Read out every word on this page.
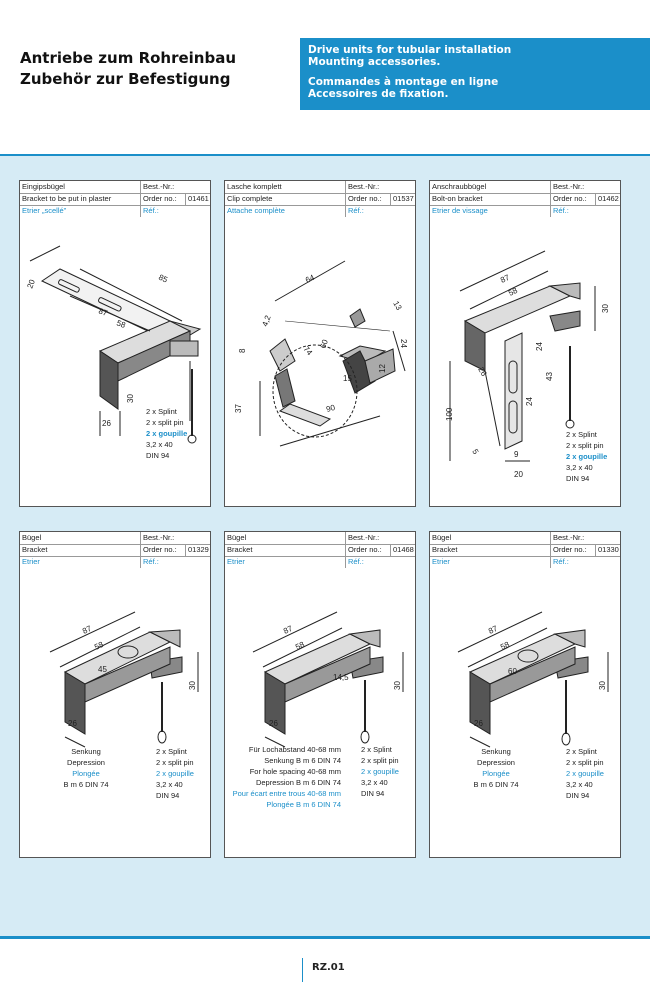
Antriebe zum Rohreinbau
Zubehör zur Befestigung
Drive units for tubular installation
Mounting accessories.
Commandes à montage en ligne
Accessoires de fixation.
Eingipsbügel	Best.-Nr.:
Bracket to be put in plaster	Order no.:	01461
Etrier „scellé”	Réf.:
20	85
87
58
30
26
2 x Splint
2 x split pin
2 x goupille
3,2 x 40
DIN 94
Lasche komplett	Best.-Nr.:
Clip complete	Order no.:	01537
Attache complète	Réf.:
64
13
24
4,2
8	74
60
12
15
37	90
Anschraubbügel	Best.-Nr.:
Bolt-on bracket	Order no.:	01462
Etrier de vissage	Réf.:
87
58
30
24
43
26
100
24
5	9
20
2 x Splint
2 x split pin
2 x goupille
3,2 x 40
DIN 94
Bügel	Best.-Nr.:
Bracket	Order no.:	01329
Etrier	Réf.:
87
58
30
45
26
Senkung
Depression
Plongée
B m 6 DIN 74
2 x Splint
2 x split pin
2 x goupille
3,2 x 40
DIN 94
Bügel	Best.-Nr.:
Bracket	Order no.:	01468
Etrier	Réf.:
87
58
30
14,5
26
Für Lochabstand 40-68 mm
Senkung B m 6 DIN 74
For hole spacing 40-68 mm
Depression B m 6 DIN 74
Pour écart entre trous 40-68 mm
Plongée B m 6 DIN 74
2 x Splint
2 x split pin
2 x goupille
3,2 x 40
DIN 94
Bügel	Best.-Nr.:
Bracket	Order no.:	01330
Etrier	Réf.:
87
58
30
60
26
Senkung
Depression
Plongée
B m 6 DIN 74
2 x Splint
2 x split pin
2 x goupille
3,2 x 40
DIN 94
RZ.01
